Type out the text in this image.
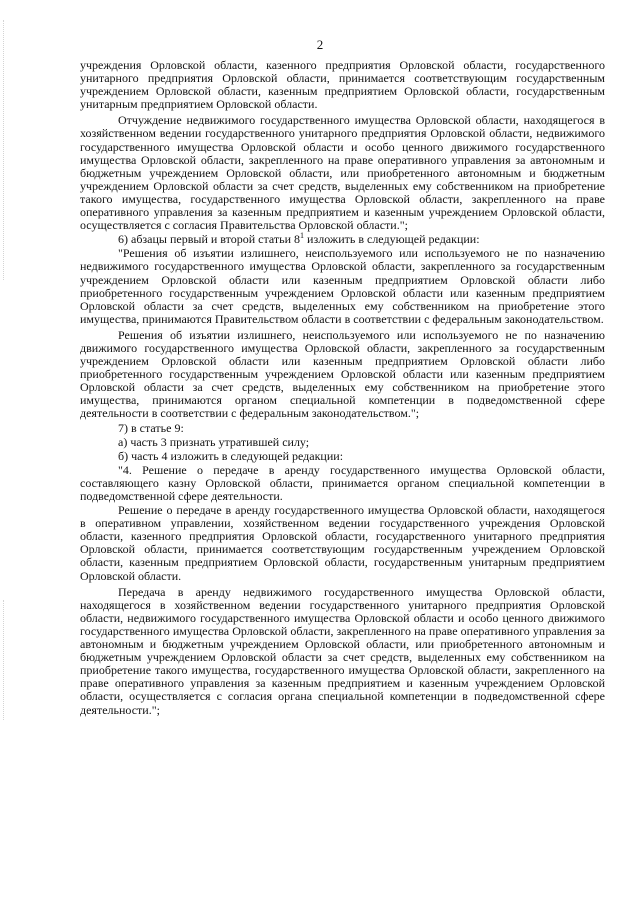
2

учреждения Орловской области, казенного предприятия Орловской области, государственного унитарного предприятия Орловской области, принимается соответствующим государственным учреждением Орловской области, казенным предприятием Орловской области, государственным унитарным предприятием Орловской области.

Отчуждение недвижимого государственного имущества Орловской области, находящегося в хозяйственном ведении государственного унитарного предприятия Орловской области, недвижимого государственного имущества Орловской области и особо ценного движимого государственного имущества Орловской области, закрепленного на праве оперативного управления за автономным и бюджетным учреждением Орловской области, или приобретенного автономным и бюджетным учреждением Орловской области за счет средств, выделенных ему собственником на приобретение такого имущества, государственного имущества Орловской области, закрепленного на праве оперативного управления за казенным предприятием и казенным учреждением Орловской области, осуществляется с согласия Правительства Орловской области.";

6) абзацы первый и второй статьи $8^1$ изложить в следующей редакции:

"Решения об изъятии излишнего, неиспользуемого или используемого не по назначению недвижимого государственного имущества Орловской области, закрепленного за государственным учреждением Орловской области или казенным предприятием Орловской области либо приобретенного государственным учреждением Орловской области или казенным предприятием Орловской области за счет средств, выделенных ему собственником на приобретение этого имущества, принимаются Правительством области в соответствии с федеральным законодательством.

Решения об изъятии излишнего, неиспользуемого или используемого не по назначению движимого государственного имущества Орловской области, закрепленного за государственным учреждением Орловской области или казенным предприятием Орловской области либо приобретенного государственным учреждением Орловской области или казенным предприятием Орловской области за счет средств, выделенных ему собственником на приобретение этого имущества, принимаются органом специальной компетенции в подведомственной сфере деятельности в соответствии с федеральным законодательством.";

7) в статье 9:

а) часть 3 признать утратившей силу;

б) часть 4 изложить в следующей редакции:

"4. Решение о передаче в аренду государственного имущества Орловской области, составляющего казну Орловской области, принимается органом специальной компетенции в подведомственной сфере деятельности.

Решение о передаче в аренду государственного имущества Орловской области, находящегося в оперативном управлении, хозяйственном ведении государственного учреждения Орловской области, казенного предприятия Орловской области, государственного унитарного предприятия Орловской области, принимается соответствующим государственным учреждением Орловской области, казенным предприятием Орловской области, государственным унитарным предприятием Орловской области.

Передача в аренду недвижимого государственного имущества Орловской области, находящегося в хозяйственном ведении государственного унитарного предприятия Орловской области, недвижимого государственного имущества Орловской области и особо ценного движимого государственного имущества Орловской области, закрепленного на праве оперативного управления за автономным и бюджетным учреждением Орловской области, или приобретенного автономным и бюджетным учреждением Орловской области за счет средств, выделенных ему собственником на приобретение такого имущества, государственного имущества Орловской области, закрепленного на праве оперативного управления за казенным предприятием и казенным учреждением Орловской области, осуществляется с согласия органа специальной компетенции в подведомственной сфере деятельности.";
